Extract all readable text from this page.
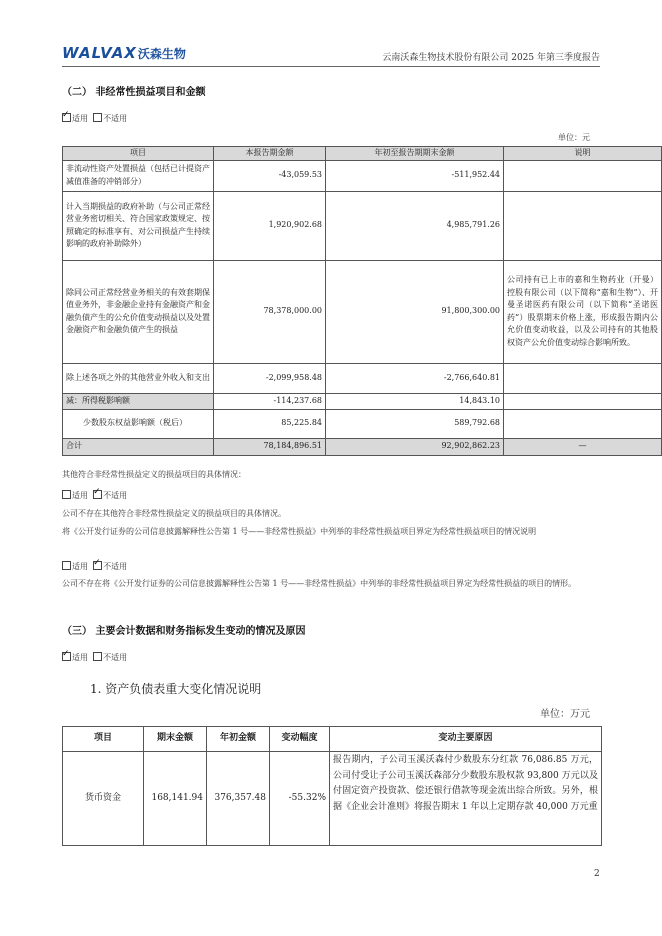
WALVAX 沃森生物	云南沃森生物技术股份有限公司 2025 年第三季度报告
（二） 非经常性损益项目和金额
✓适用 不适用
单位：元
项目	本报告期金额	年初至报告期期末金额	说明
非流动性资产处置损益（包括已计提资产减值准备的冲销部分）	-43,059.53	-511,952.44	
计入当期损益的政府补助（与公司正常经营业务密切相关、符合国家政策规定、按照确定的标准享有、对公司损益产生持续影响的政府补助除外）	1,920,902.68	4,985,791.26	
除同公司正常经营业务相关的有效套期保值业务外，非金融企业持有金融资产和金融负债产生的公允价值变动损益以及处置金融资产和金融负债产生的损益	78,378,000.00	91,800,300.00	公司持有已上市的嘉和生物药业（开曼）控股有限公司（以下简称“嘉和生物”）、开曼圣诺医药有限公司（以下简称“圣诺医药”）股票期末价格上涨，形成报告期内公允价值变动收益，以及公司持有的其他股权资产公允价值变动综合影响所致。
除上述各项之外的其他营业外收入和支出	-2,099,958.48	-2,766,640.81	
减：所得税影响额	-114,237.68	14,843.10	
少数股东权益影响额（税后）	85,225.84	589,792.68	
合计	78,184,896.51	92,902,862.23	—
其他符合非经常性损益定义的损益项目的具体情况：
适用 ✓ 不适用
公司不存在其他符合非经常性损益定义的损益项目的具体情况。
将《公开发行证券的公司信息披露解释性公告第 1 号——非经常性损益》中列举的非经常性损益项目界定为经常性损益项目的情况说明
适用 ✓ 不适用
公司不存在将《公开发行证券的公司信息披露解释性公告第 1 号——非经常性损益》中列举的非经常性损益项目界定为经常性损益的项目的情形。
（三） 主要会计数据和财务指标发生变动的情况及原因
✓适用 不适用
1. 资产负债表重大变化情况说明
单位：万元
项目	期末金额	年初金额	变动幅度	变动主要原因
货币资金	168,141.94	376,357.48	-55.32%	报告期内，子公司玉溪沃森付少数股东分红款 76,086.85 万元，公司付受让子公司玉溪沃森部分少数股东股权款 93,800 万元以及付固定资产投资款、偿还银行借款等现金流出综合所致。另外，根据《企业会计准则》将报告期末 1 年以上定期存款 40,000 万元重
2
